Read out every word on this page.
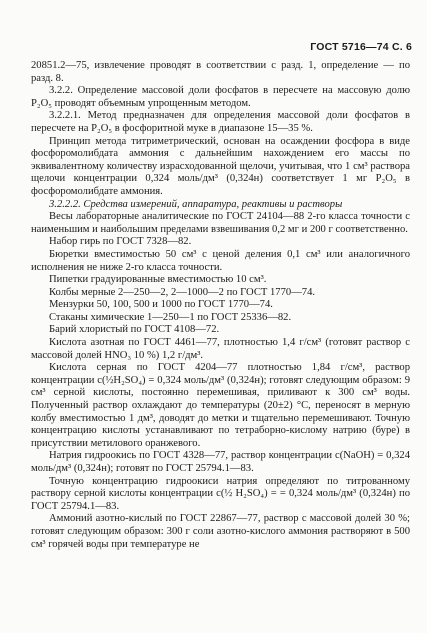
ГОСТ 5716—74 С. 6

20851.2—75, извлечение проводят в соответствии с разд. 1, определение — по разд. 8.

3.2.2. Определение массовой доли фосфатов в пересчете на массовую долю P₂O₅ проводят объемным упрощенным методом.

3.2.2.1. Метод предназначен для определения массовой доли фосфатов в пересчете на P₂O₅ в фосфоритной муке в диапазоне 15—35 %.

Принцип метода титриметрический, основан на осаждении фосфора в виде фосфоромолибдата аммония с дальнейшим нахождением его массы по эквивалентному количеству израсходованной щелочи, учитывая, что 1 см³ раствора щелочи концентрации 0,324 моль/дм³ (0,324н) соответствует 1 мг P₂O₅ в фосфоромолибдате аммония.

3.2.2.2. Средства измерений, аппаратура, реактивы и растворы

Весы лабораторные аналитические по ГОСТ 24104—88 2-го класса точности с наименьшим и наибольшим пределами взвешивания 0,2 мг и 200 г соответственно.

Набор гирь по ГОСТ 7328—82.

Бюретки вместимостью 50 см³ с ценой деления 0,1 см³ или аналогичного исполнения не ниже 2-го класса точности.

Пипетки градуированные вместимостью 10 см³.

Колбы мерные 2—250—2, 2—1000—2 по ГОСТ 1770—74.

Мензурки 50, 100, 500 и 1000 по ГОСТ 1770—74.

Стаканы химические 1—250—1 по ГОСТ 25336—82.

Барий хлористый по ГОСТ 4108—72.

Кислота азотная по ГОСТ 4461—77, плотностью 1,4 г/см³ (готовят раствор с массовой долей HNO₃ 10 %) 1,2 г/дм³.

Кислота серная по ГОСТ 4204—77 плотностью 1,84 г/см³, раствор концентрации c(½H₂SO₄) = 0,324 моль/дм³ (0,324н); готовят следующим образом: 9 см³ серной кислоты, постоянно перемешивая, приливают к 300 см³ воды. Полученный раствор охлаждают до температуры (20±2) °С, переносят в мерную колбу вместимостью 1 дм³, доводят до метки и тщательно перемешивают. Точную концентрацию кислоты устанавливают по тетраборно-кислому натрию (буре) в присутствии метилового оранжевого.

Натрия гидроокись по ГОСТ 4328—77, раствор концентрации c(NaOH) = 0,324 моль/дм³ (0,324н); готовят по ГОСТ 25794.1—83.

Точную концентрацию гидроокиси натрия определяют по титрованному раствору серной кислоты концентрации c(½ H₂SO₄) = = 0,324 моль/дм³ (0,324н) по ГОСТ 25794.1—83.

Аммоний азотно-кислый по ГОСТ 22867—77, раствор с массовой долей 30 %; готовят следующим образом: 300 г соли азотно-кислого аммония растворяют в 500 см³ горячей воды при температуре не
